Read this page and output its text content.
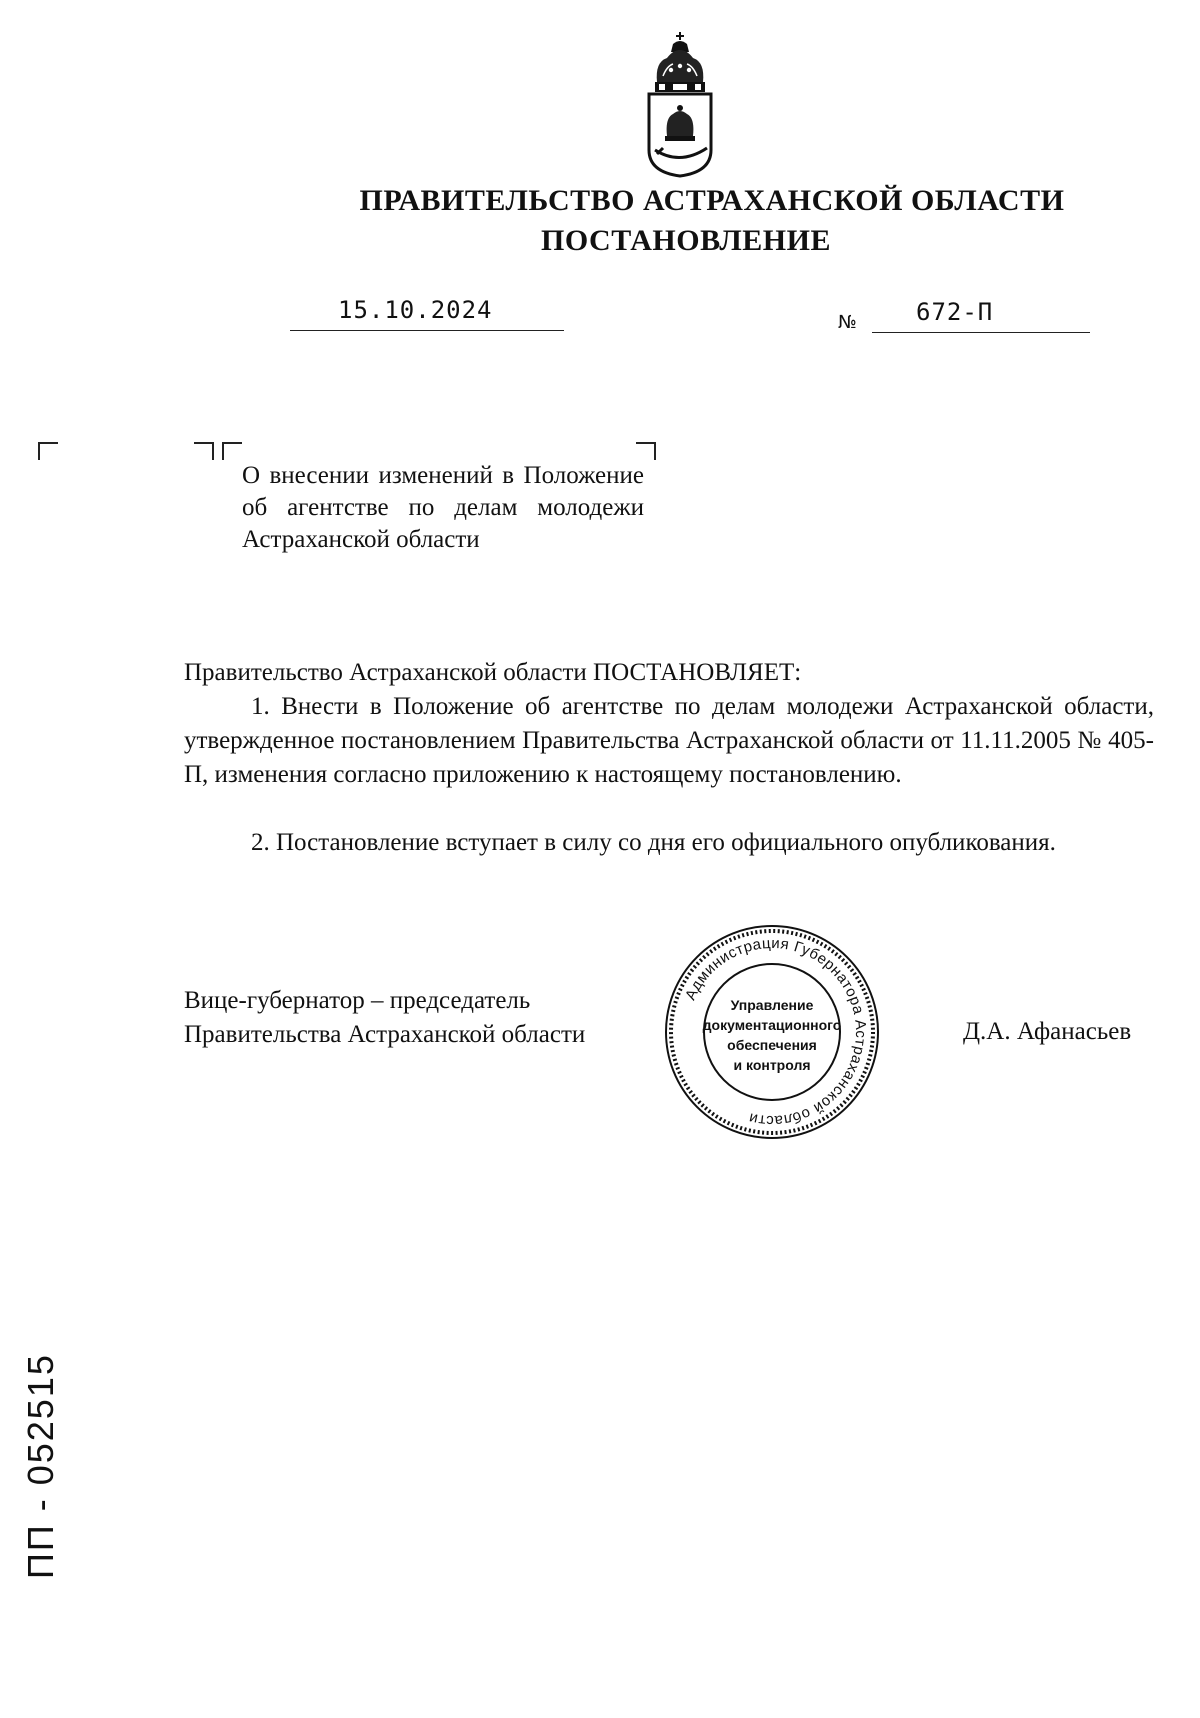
ПРАВИТЕЛЬСТВО АСТРАХАНСКОЙ ОБЛАСТИ
ПОСТАНОВЛЕНИЕ
15.10.2024	№ 672-П

О внесении изменений в Положение об агентстве по делам молодежи Астраханской области

Правительство Астраханской области ПОСТАНОВЛЯЕТ:

1. Внести в Положение об агентстве по делам молодежи Астраханской области, утвержденное постановлением Правительства Астраханской области от 11.11.2005 № 405-П, изменения согласно приложению к настоящему постановлению.

2. Постановление вступает в силу со дня его официального опубликования.

Вице-губернатор – председатель
Правительства Астраханской области	Д.А. Афанасьев

Администрация Губернатора Астраханской области
Управление
документационного
обеспечения
и контроля
ПП - 052515
